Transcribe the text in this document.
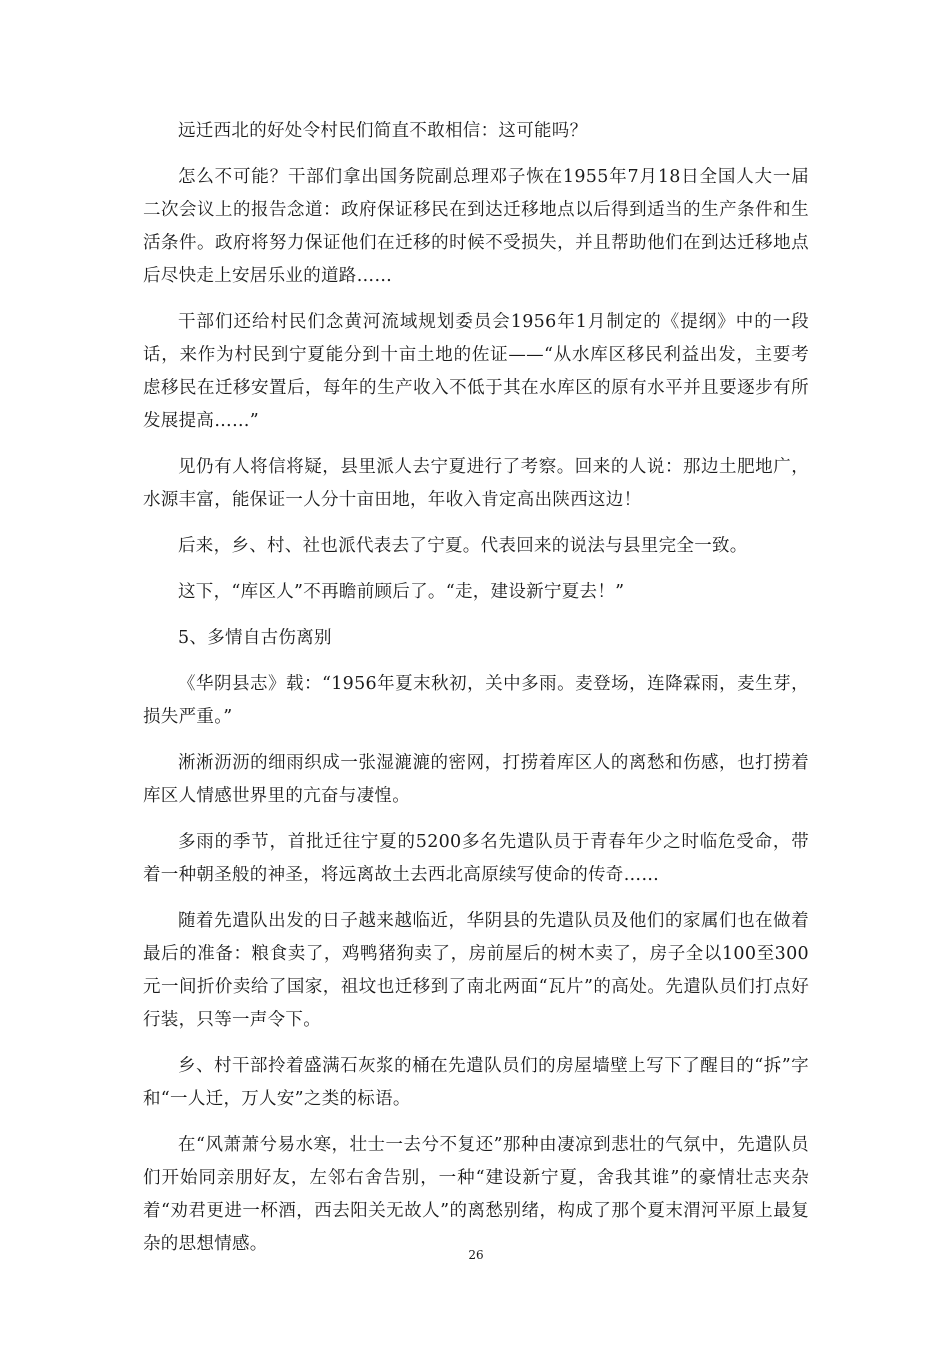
远迁西北的好处令村民们简直不敢相信：这可能吗？

怎么不可能？干部们拿出国务院副总理邓子恢在1955年7月18日全国人大一届二次会议上的报告念道：政府保证移民在到达迁移地点以后得到适当的生产条件和生活条件。政府将努力保证他们在迁移的时候不受损失，并且帮助他们在到达迁移地点后尽快走上安居乐业的道路……

干部们还给村民们念黄河流域规划委员会1956年1月制定的《提纲》中的一段话，来作为村民到宁夏能分到十亩土地的佐证——“从水库区移民利益出发，主要考虑移民在迁移安置后，每年的生产收入不低于其在水库区的原有水平并且要逐步有所发展提高……”

见仍有人将信将疑，县里派人去宁夏进行了考察。回来的人说：那边土肥地广，水源丰富，能保证一人分十亩田地，年收入肯定高出陕西这边！

后来，乡、村、社也派代表去了宁夏。代表回来的说法与县里完全一致。

这下，“库区人”不再瞻前顾后了。“走，建设新宁夏去！”

5、多情自古伤离别

《华阴县志》载：“1956年夏末秋初，关中多雨。麦登场，连降霖雨，麦生芽，损失严重。”

淅淅沥沥的细雨织成一张湿漉漉的密网，打捞着库区人的离愁和伤感，也打捞着库区人情感世界里的亢奋与凄惶。

多雨的季节，首批迁往宁夏的5200多名先遣队员于青春年少之时临危受命，带着一种朝圣般的神圣，将远离故土去西北高原续写使命的传奇……

随着先遣队出发的日子越来越临近，华阴县的先遣队员及他们的家属们也在做着最后的准备：粮食卖了，鸡鸭猪狗卖了，房前屋后的树木卖了，房子全以100至300元一间折价卖给了国家，祖坟也迁移到了南北两面“瓦片”的高处。先遣队员们打点好行装，只等一声令下。

乡、村干部拎着盛满石灰浆的桶在先遣队员们的房屋墙壁上写下了醒目的“拆”字和“一人迁，万人安”之类的标语。

在“风萧萧兮易水寒，壮士一去兮不复还”那种由凄凉到悲壮的气氛中，先遣队员们开始同亲朋好友，左邻右舍告别，一种“建设新宁夏，舍我其谁”的豪情壮志夹杂着“劝君更进一杯酒，西去阳关无故人”的离愁别绪，构成了那个夏末渭河平原上最复杂的思想情感。

26
